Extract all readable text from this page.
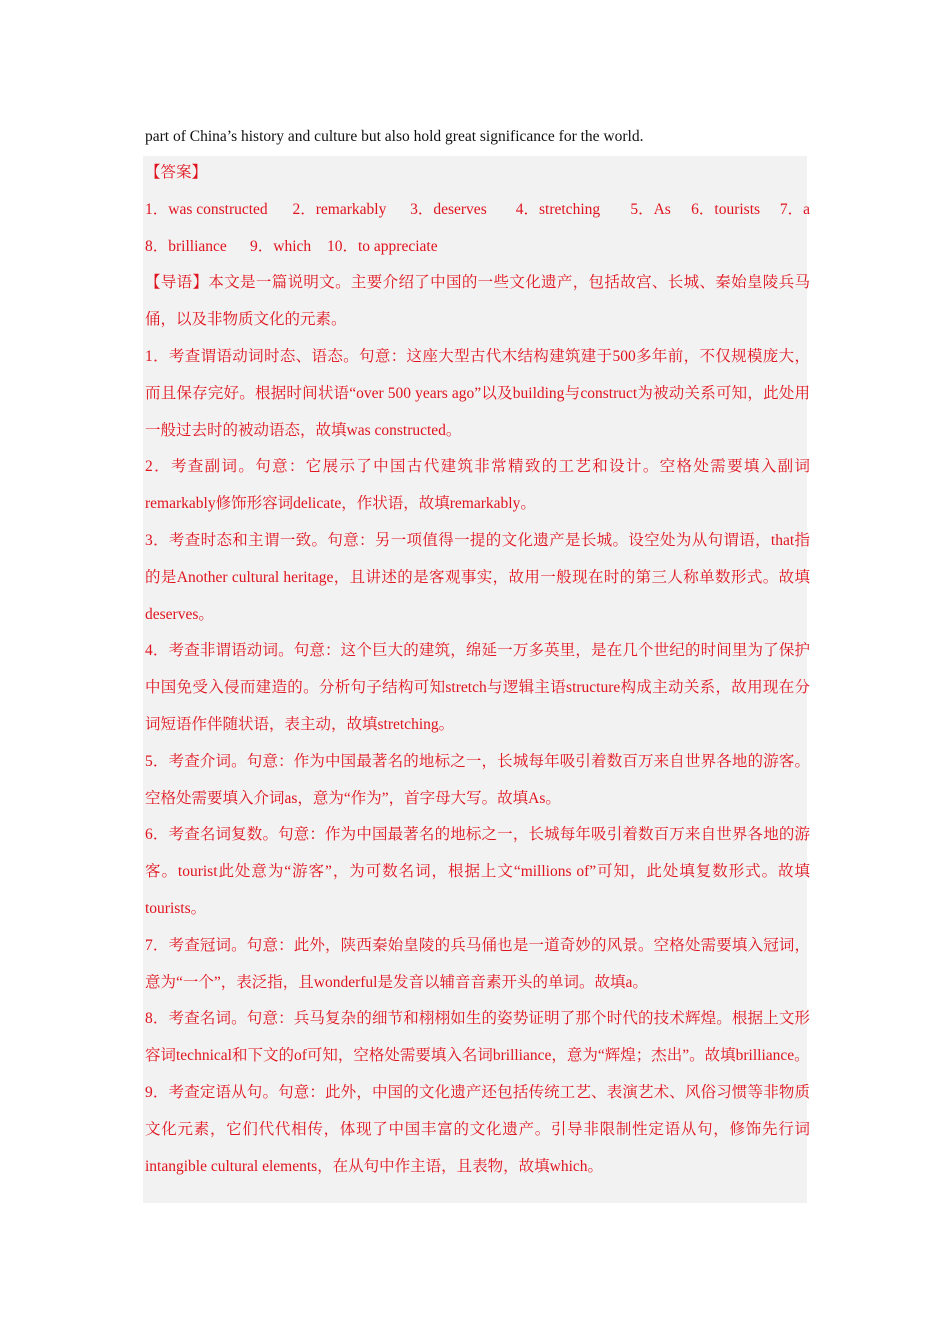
part of China’s history and culture but also hold great significance for the world.

【答案】

1．was constructed	2．remarkably	3．deserves	4．stretching	5．As	6．tourists	7．a
8．brilliance	9．which	10．to appreciate

【导语】本文是一篇说明文。主要介绍了中国的一些文化遗产，包括故宫、长城、秦始皇陵兵马俑，以及非物质文化的元素。

1．考查谓语动词时态、语态。句意：这座大型古代木结构建筑建于500多年前，不仅规模庞大，而且保存完好。根据时间状语“over 500 years ago”以及building与construct为被动关系可知，此处用一般过去时的被动语态，故填was constructed。

2．考查副词。句意：它展示了中国古代建筑非常精致的工艺和设计。空格处需要填入副词remarkably修饰形容词delicate，作状语，故填remarkably。

3．考查时态和主谓一致。句意：另一项值得一提的文化遗产是长城。设空处为从句谓语，that指的是Another cultural heritage，且讲述的是客观事实，故用一般现在时的第三人称单数形式。故填deserves。

4．考查非谓语动词。句意：这个巨大的建筑，绵延一万多英里，是在几个世纪的时间里为了保护中国免受入侵而建造的。分析句子结构可知stretch与逻辑主语structure构成主动关系，故用现在分词短语作伴随状语，表主动，故填stretching。

5．考查介词。句意：作为中国最著名的地标之一，长城每年吸引着数百万来自世界各地的游客。空格处需要填入介词as，意为“作为”，首字母大写。故填As。

6．考查名词复数。句意：作为中国最著名的地标之一，长城每年吸引着数百万来自世界各地的游客。tourist此处意为“游客”，为可数名词，根据上文“millions of”可知，此处填复数形式。故填tourists。

7．考查冠词。句意：此外，陕西秦始皇陵的兵马俑也是一道奇妙的风景。空格处需要填入冠词，意为“一个”，表泛指，且wonderful是发音以辅音音素开头的单词。故填a。

8．考查名词。句意：兵马复杂的细节和栩栩如生的姿势证明了那个时代的技术辉煌。根据上文形容词technical和下文的of可知，空格处需要填入名词brilliance，意为“辉煌；杰出”。故填brilliance。

9．考查定语从句。句意：此外，中国的文化遗产还包括传统工艺、表演艺术、风俗习惯等非物质文化元素，它们代代相传，体现了中国丰富的文化遗产。引导非限制性定语从句，修饰先行词intangible cultural elements，在从句中作主语，且表物，故填which。
